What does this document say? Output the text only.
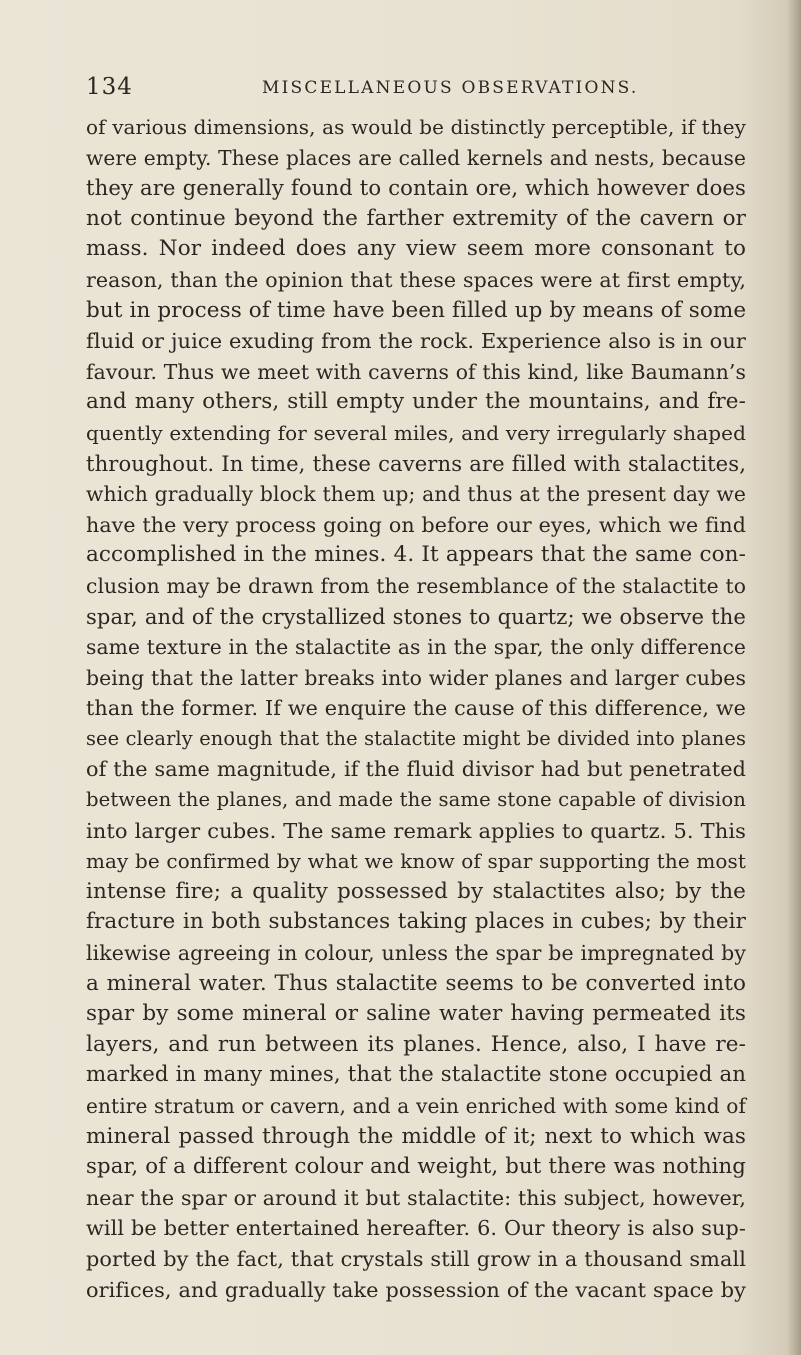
134	MISCELLANEOUS OBSERVATIONS.
of various dimensions, as would be distinctly perceptible, if they
were empty. These places are called kernels and nests, because
they are generally found to contain ore, which however does
not continue beyond the farther extremity of the cavern or
mass. Nor indeed does any view seem more consonant to
reason, than the opinion that these spaces were at first empty,
but in process of time have been filled up by means of some
fluid or juice exuding from the rock. Experience also is in our
favour. Thus we meet with caverns of this kind, like Baumann’s
and many others, still empty under the mountains, and fre-
quently extending for several miles, and very irregularly shaped
throughout. In time, these caverns are filled with stalactites,
which gradually block them up; and thus at the present day we
have the very process going on before our eyes, which we find
accomplished in the mines. 4. It appears that the same con-
clusion may be drawn from the resemblance of the stalactite to
spar, and of the crystallized stones to quartz; we observe the
same texture in the stalactite as in the spar, the only difference
being that the latter breaks into wider planes and larger cubes
than the former. If we enquire the cause of this difference, we
see clearly enough that the stalactite might be divided into planes
of the same magnitude, if the fluid divisor had but penetrated
between the planes, and made the same stone capable of division
into larger cubes. The same remark applies to quartz. 5. This
may be confirmed by what we know of spar supporting the most
intense fire; a quality possessed by stalactites also; by the
fracture in both substances taking places in cubes; by their
likewise agreeing in colour, unless the spar be impregnated by
a mineral water. Thus stalactite seems to be converted into
spar by some mineral or saline water having permeated its
layers, and run between its planes. Hence, also, I have re-
marked in many mines, that the stalactite stone occupied an
entire stratum or cavern, and a vein enriched with some kind of
mineral passed through the middle of it; next to which was
spar, of a different colour and weight, but there was nothing
near the spar or around it but stalactite: this subject, however,
will be better entertained hereafter. 6. Our theory is also sup-
ported by the fact, that crystals still grow in a thousand small
orifices, and gradually take possession of the vacant space by
